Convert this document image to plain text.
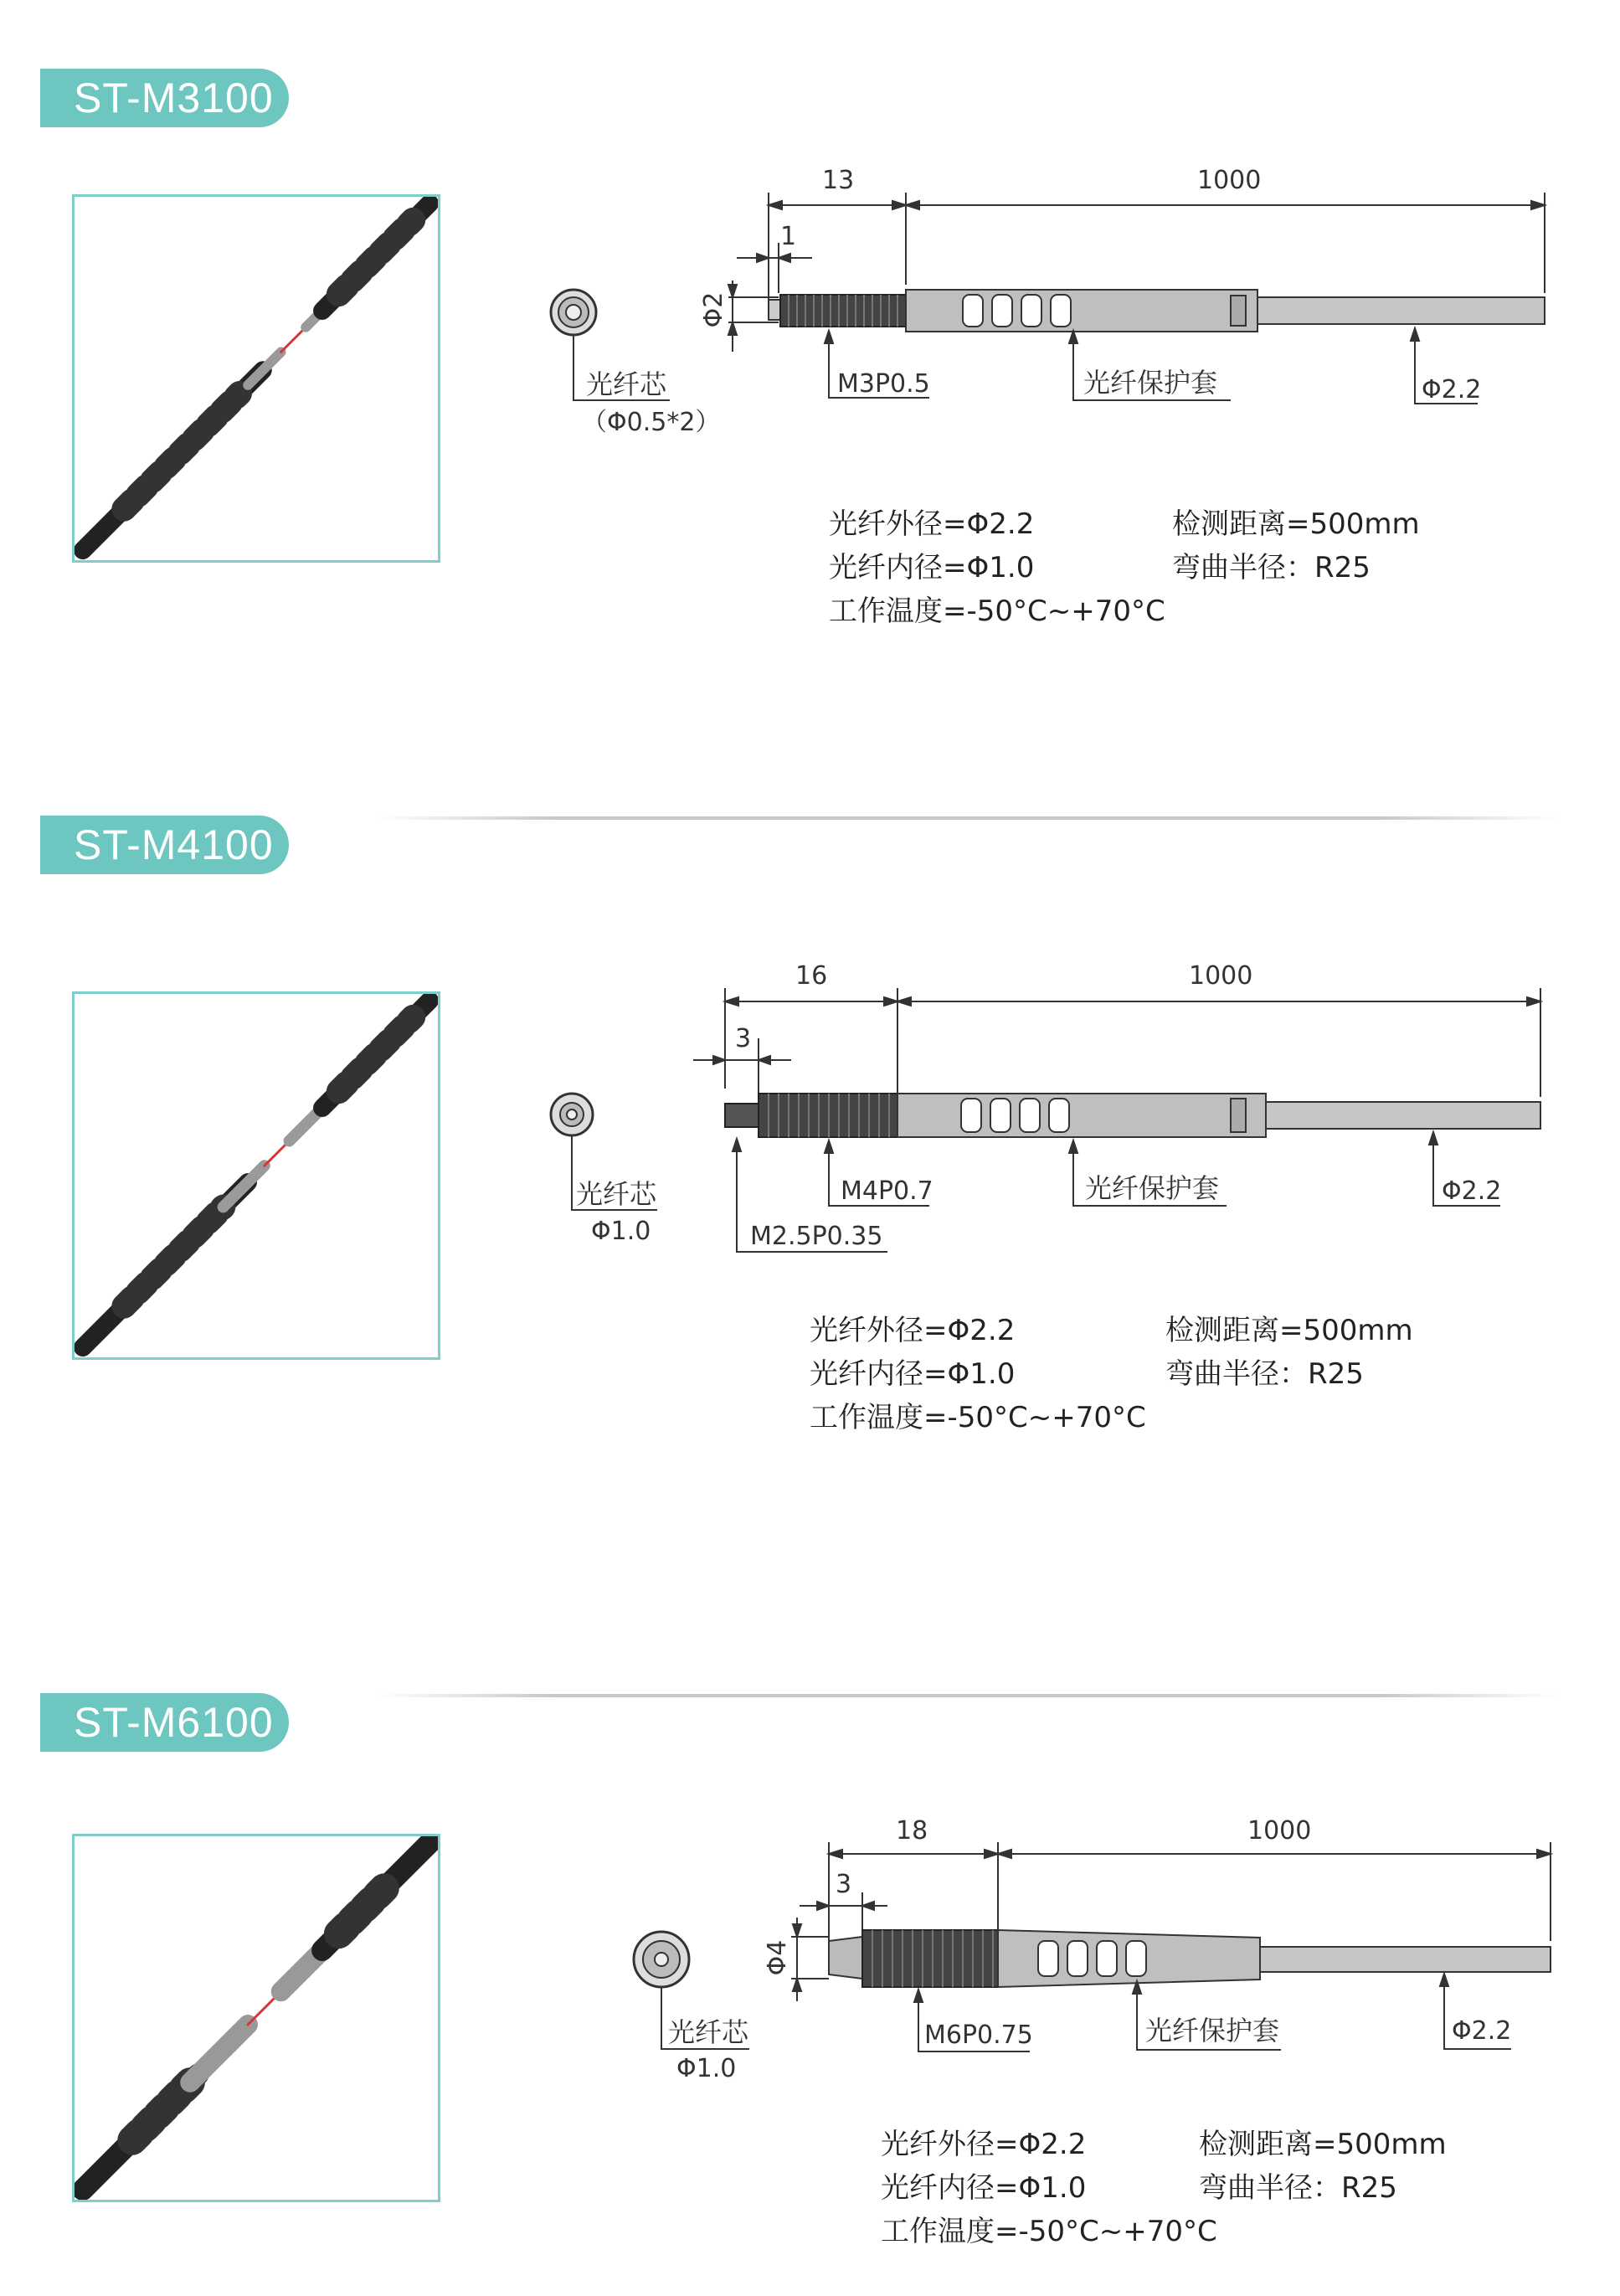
ST-M3100
光纤芯
（Φ0.5*2）
13	1000
1
Φ2
M3P0.5	光纤保护套	Φ2.2
光纤外径=Φ2.2
光纤内径=Φ1.0
工作温度=-50°C~+70°C
检测距离=500mm
弯曲半径：R25
ST-M4100
光纤芯
Φ1.0
16	1000
3
M2.5P0.35
M4P0.7	光纤保护套	Φ2.2
光纤外径=Φ2.2
光纤内径=Φ1.0
工作温度=-50°C~+70°C
检测距离=500mm
弯曲半径：R25
ST-M6100
光纤芯
Φ1.0
18	1000
3
Φ4
M6P0.75	光纤保护套	Φ2.2
光纤外径=Φ2.2
光纤内径=Φ1.0
工作温度=-50°C~+70°C
检测距离=500mm
弯曲半径：R25
